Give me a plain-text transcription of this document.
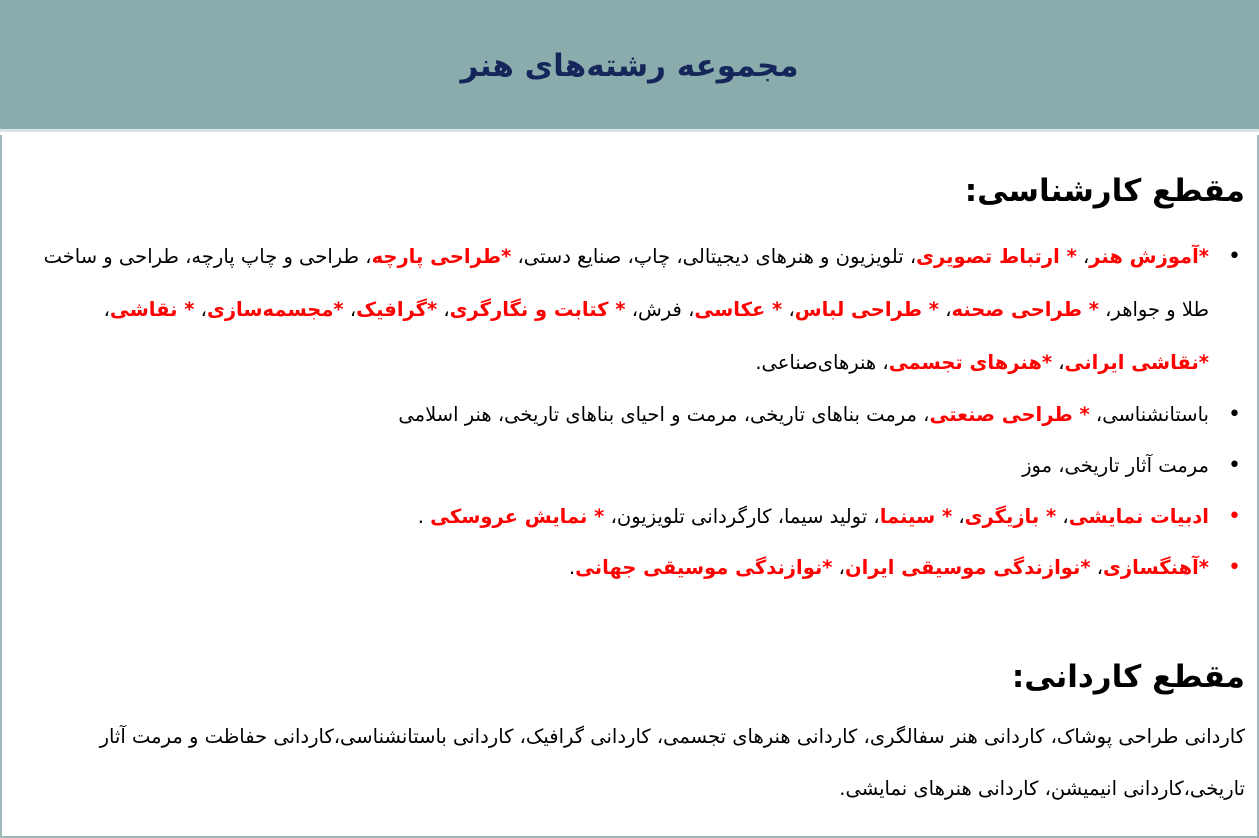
مجموعه رشته‌های هنر
مقطع کارشناسی:
• *آموزش هنر، * ارتباط تصویری، تلویزیون و هنرهای دیجیتالی، چاپ، صنایع دستی، *طراحی پارچه، طراحی و چاپ پارچه، طراحی و ساخت طلا و جواهر، * طراحی صحنه، * طراحی لباس، * عکاسی، فرش، * کتابت و نگارگری، *گرافیک، *مجسمه‌سازی، * نقاشی، *نقاشی ایرانی، *هنرهای تجسمی، هنرهای‌صناعی.
• باستانشناسی، * طراحی صنعتی، مرمت بناهای تاریخی، مرمت و احیای بناهای تاریخی، هنر اسلامی
• مرمت آثار تاریخی، موز
• ادبیات نمایشی، * بازیگری، * سینما، تولید سیما، کارگردانی تلویزیون، * نمایش عروسکی .
• *آهنگسازی، *نوازندگی موسیقی ایران، *نوازندگی موسیقی جهانی.
مقطع کاردانی:
کاردانی طراحی پوشاک، کاردانی هنر سفالگری، کاردانی هنرهای تجسمی، کاردانی گرافیک، کاردانی باستانشناسی،کاردانی حفاظت و مرمت آثار تاریخی،کاردانی انیمیشن، کاردانی هنرهای نمایشی.
